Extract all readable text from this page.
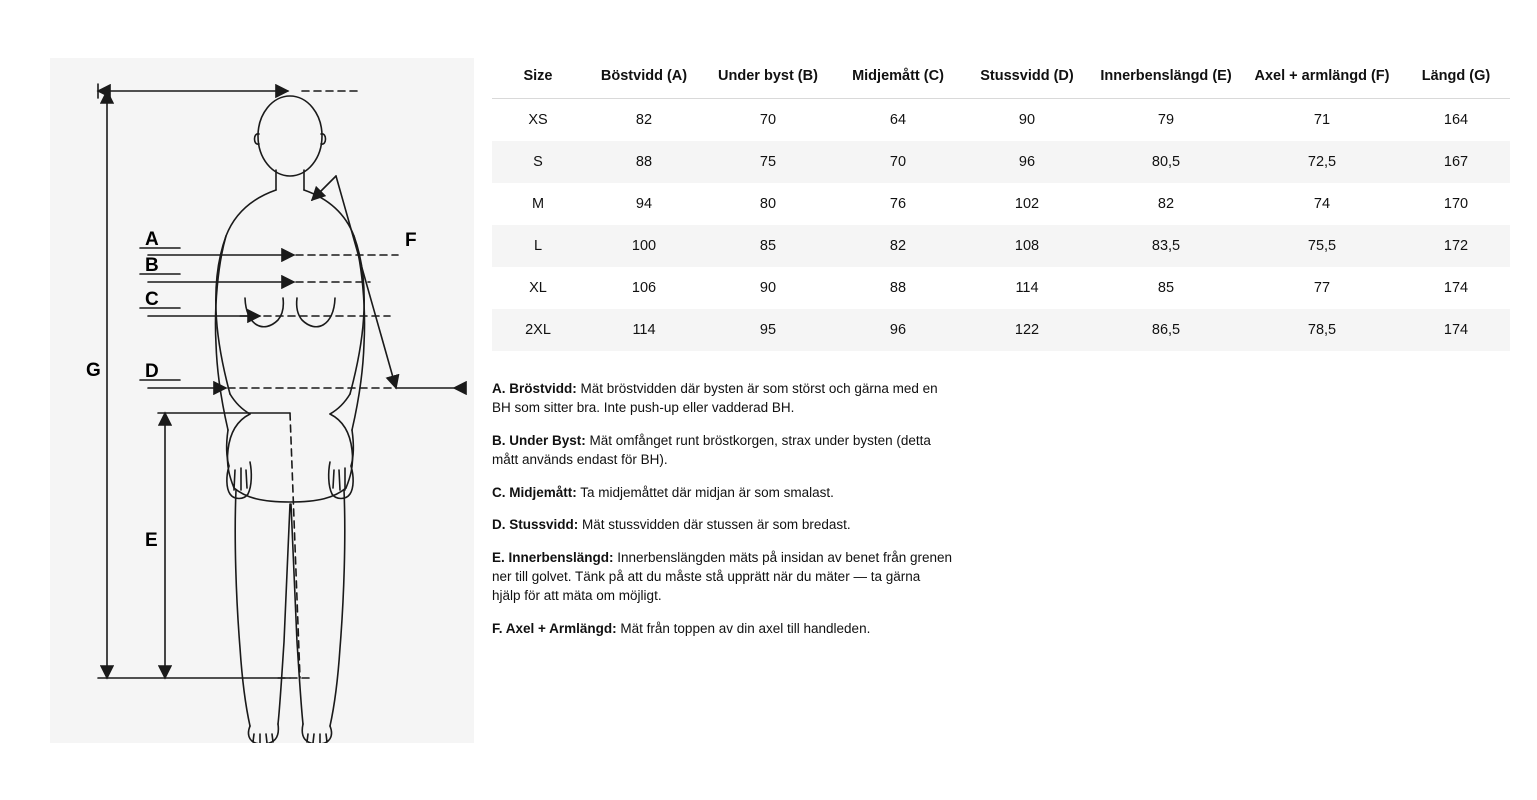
A
B
C
D
E
F
G
Size	Böstvidd (A)	Under byst (B)	Midjemått (C)	Stussvidd (D)	Innerbenslängd (E)	Axel + armlängd (F)	Längd (G)
XS	82	70	64	90	79	71	164
S	88	75	70	96	80,5	72,5	167
M	94	80	76	102	82	74	170
L	100	85	82	108	83,5	75,5	172
XL	106	90	88	114	85	77	174
2XL	114	95	96	122	86,5	78,5	174

A. Bröstvidd: Mät bröstvidden där bysten är som störst och gärna med en BH som sitter bra. Inte push-up eller vadderad BH.

B. Under Byst: Mät omfånget runt bröstkorgen, strax under bysten (detta mått används endast för BH).

C. Midjemått: Ta midjemåttet där midjan är som smalast.

D. Stussvidd: Mät stussvidden där stussen är som bredast.

E. Innerbenslängd: Innerbenslängden mäts på insidan av benet från grenen ner till golvet. Tänk på att du måste stå upprätt när du mäter — ta gärna hjälp för att mäta om möjligt.

F. Axel + Armlängd: Mät från toppen av din axel till handleden.
